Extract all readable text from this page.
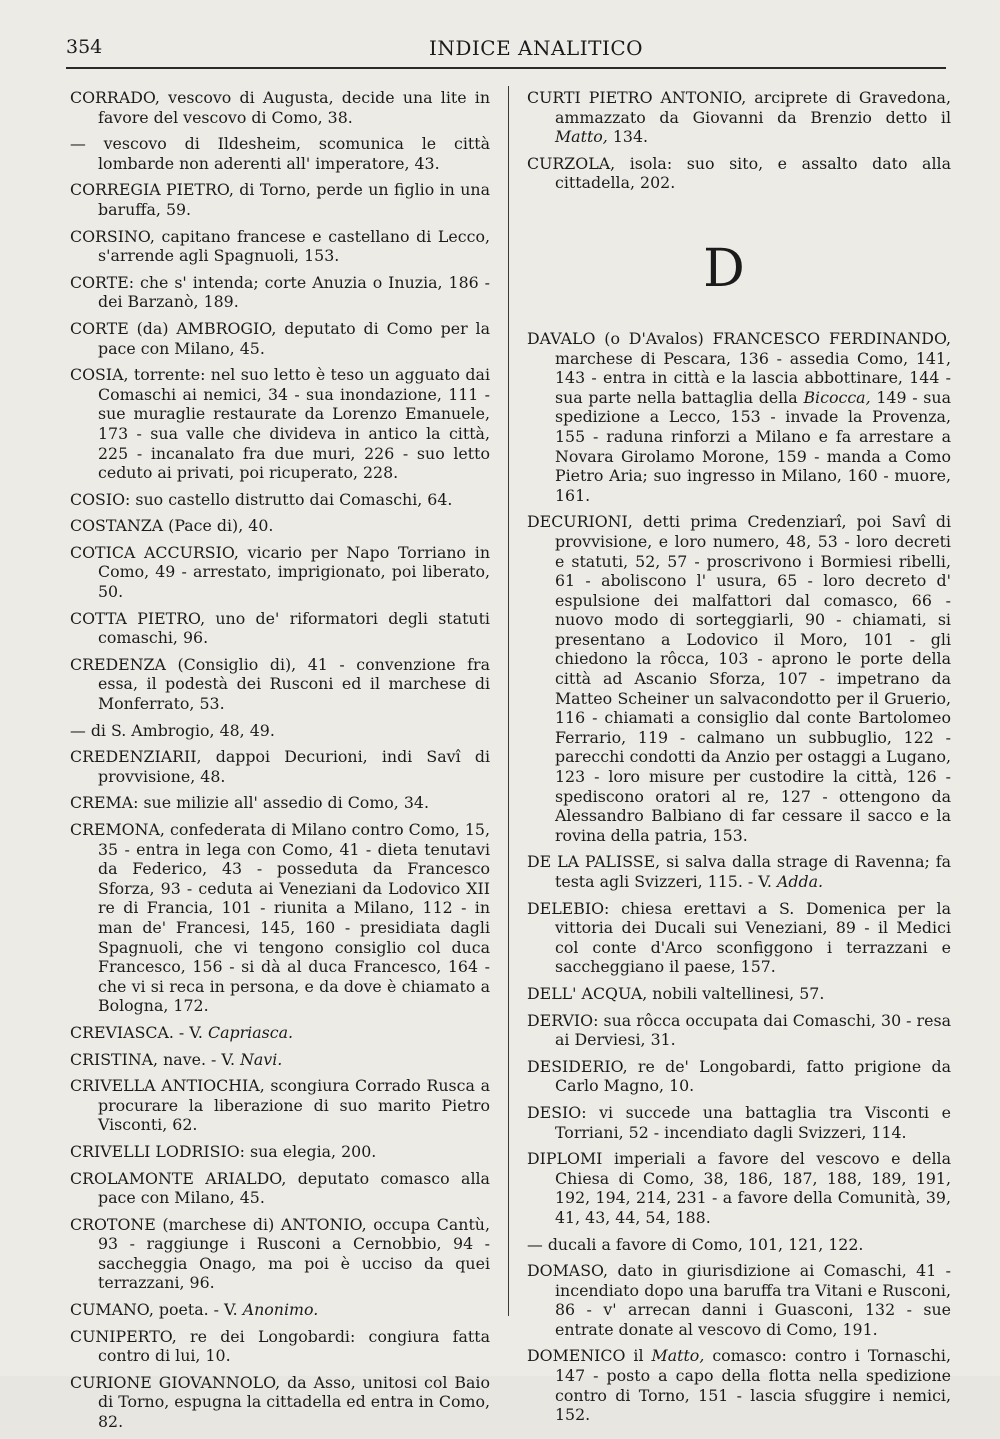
354	INDICE ANALITICO

CORRADO, vescovo di Augusta, decide una lite in favore del vescovo di Como, 38.

— vescovo di Ildesheim, scomunica le città lombarde non aderenti all' imperatore, 43.

CORREGIA PIETRO, di Torno, perde un figlio in una baruffa, 59.

CORSINO, capitano francese e castellano di Lecco, s'arrende agli Spagnuoli, 153.

CORTE: che s' intenda; corte Anuzia o Inuzia, 186 - dei Barzanò, 189.

CORTE (da) AMBROGIO, deputato di Como per la pace con Milano, 45.

COSIA, torrente: nel suo letto è teso un agguato dai Comaschi ai nemici, 34 - sua inondazione, 111 - sue muraglie restaurate da Lorenzo Emanuele, 173 - sua valle che divideva in antico la città, 225 - incanalato fra due muri, 226 - suo letto ceduto ai privati, poi ricuperato, 228.

COSIO: suo castello distrutto dai Comaschi, 64.

COSTANZA (Pace di), 40.

COTICA ACCURSIO, vicario per Napo Torriano in Como, 49 - arrestato, imprigionato, poi liberato, 50.

COTTA PIETRO, uno de' riformatori degli statuti comaschi, 96.

CREDENZA (Consiglio di), 41 - convenzione fra essa, il podestà dei Rusconi ed il marchese di Monferrato, 53.

— di S. Ambrogio, 48, 49.

CREDENZIARII, dappoi Decurioni, indi Savî di provvisione, 48.

CREMA: sue milizie all' assedio di Como, 34.

CREMONA, confederata di Milano contro Como, 15, 35 - entra in lega con Como, 41 - dieta tenutavi da Federico, 43 - posseduta da Francesco Sforza, 93 - ceduta ai Veneziani da Lodovico XII re di Francia, 101 - riunita a Milano, 112 - in man de' Francesi, 145, 160 - presidiata dagli Spagnuoli, che vi tengono consiglio col duca Francesco, 156 - si dà al duca Francesco, 164 - che vi si reca in persona, e da dove è chiamato a Bologna, 172.

CREVIASCA. - V. Capriasca.

CRISTINA, nave. - V. Navi.

CRIVELLA ANTIOCHIA, scongiura Corrado Rusca a procurare la liberazione di suo marito Pietro Visconti, 62.

CRIVELLI LODRISIO: sua elegia, 200.

CROLAMONTE ARIALDO, deputato comasco alla pace con Milano, 45.

CROTONE (marchese di) ANTONIO, occupa Cantù, 93 - raggiunge i Rusconi a Cernobbio, 94 - saccheggia Onago, ma poi è ucciso da quei terrazzani, 96.

CUMANO, poeta. - V. Anonimo.

CUNIPERTO, re dei Longobardi: congiura fatta contro di lui, 10.

CURIONE GIOVANNOLO, da Asso, unitosi col Baio di Torno, espugna la cittadella ed entra in Como, 82.

CURTI PIETRO ANTONIO, arciprete di Gravedona, ammazzato da Giovanni da Brenzio detto il Matto, 134.

CURZOLA, isola: suo sito, e assalto dato alla cittadella, 202.

D

DAVALO (o D'Avalos) FRANCESCO FERDINANDO, marchese di Pescara, 136 - assedia Como, 141, 143 - entra in città e la lascia abbottinare, 144 - sua parte nella battaglia della Bicocca, 149 - sua spedizione a Lecco, 153 - invade la Provenza, 155 - raduna rinforzi a Milano e fa arrestare a Novara Girolamo Morone, 159 - manda a Como Pietro Aria; suo ingresso in Milano, 160 - muore, 161.

DECURIONI, detti prima Credenziarî, poi Savî di provvisione, e loro numero, 48, 53 - loro decreti e statuti, 52, 57 - proscrivono i Bormiesi ribelli, 61 - aboliscono l' usura, 65 - loro decreto d' espulsione dei malfattori dal comasco, 66 - nuovo modo di sorteggiarli, 90 - chiamati, si presentano a Lodovico il Moro, 101 - gli chiedono la rôcca, 103 - aprono le porte della città ad Ascanio Sforza, 107 - impetrano da Matteo Scheiner un salvacondotto per il Gruerio, 116 - chiamati a consiglio dal conte Bartolomeo Ferrario, 119 - calmano un subbuglio, 122 - parecchi condotti da Anzio per ostaggi a Lugano, 123 - loro misure per custodire la città, 126 - spediscono oratori al re, 127 - ottengono da Alessandro Balbiano di far cessare il sacco e la rovina della patria, 153.

DE LA PALISSE, si salva dalla strage di Ravenna; fa testa agli Svizzeri, 115. - V. Adda.

DELEBIO: chiesa erettavi a S. Domenica per la vittoria dei Ducali sui Veneziani, 89 - il Medici col conte d'Arco sconfiggono i terrazzani e saccheggiano il paese, 157.

DELL' ACQUA, nobili valtellinesi, 57.

DERVIO: sua rôcca occupata dai Comaschi, 30 - resa ai Derviesi, 31.

DESIDERIO, re de' Longobardi, fatto prigione da Carlo Magno, 10.

DESIO: vi succede una battaglia tra Visconti e Torriani, 52 - incendiato dagli Svizzeri, 114.

DIPLOMI imperiali a favore del vescovo e della Chiesa di Como, 38, 186, 187, 188, 189, 191, 192, 194, 214, 231 - a favore della Comunità, 39, 41, 43, 44, 54, 188.

— ducali a favore di Como, 101, 121, 122.

DOMASO, dato in giurisdizione ai Comaschi, 41 - incendiato dopo una baruffa tra Vitani e Rusconi, 86 - v' arrecan danni i Guasconi, 132 - sue entrate donate al vescovo di Como, 191.

DOMENICO il Matto, comasco: contro i Tornaschi, 147 - posto a capo della flotta nella spedizione contro di Torno, 151 - lascia sfuggire i nemici, 152.
